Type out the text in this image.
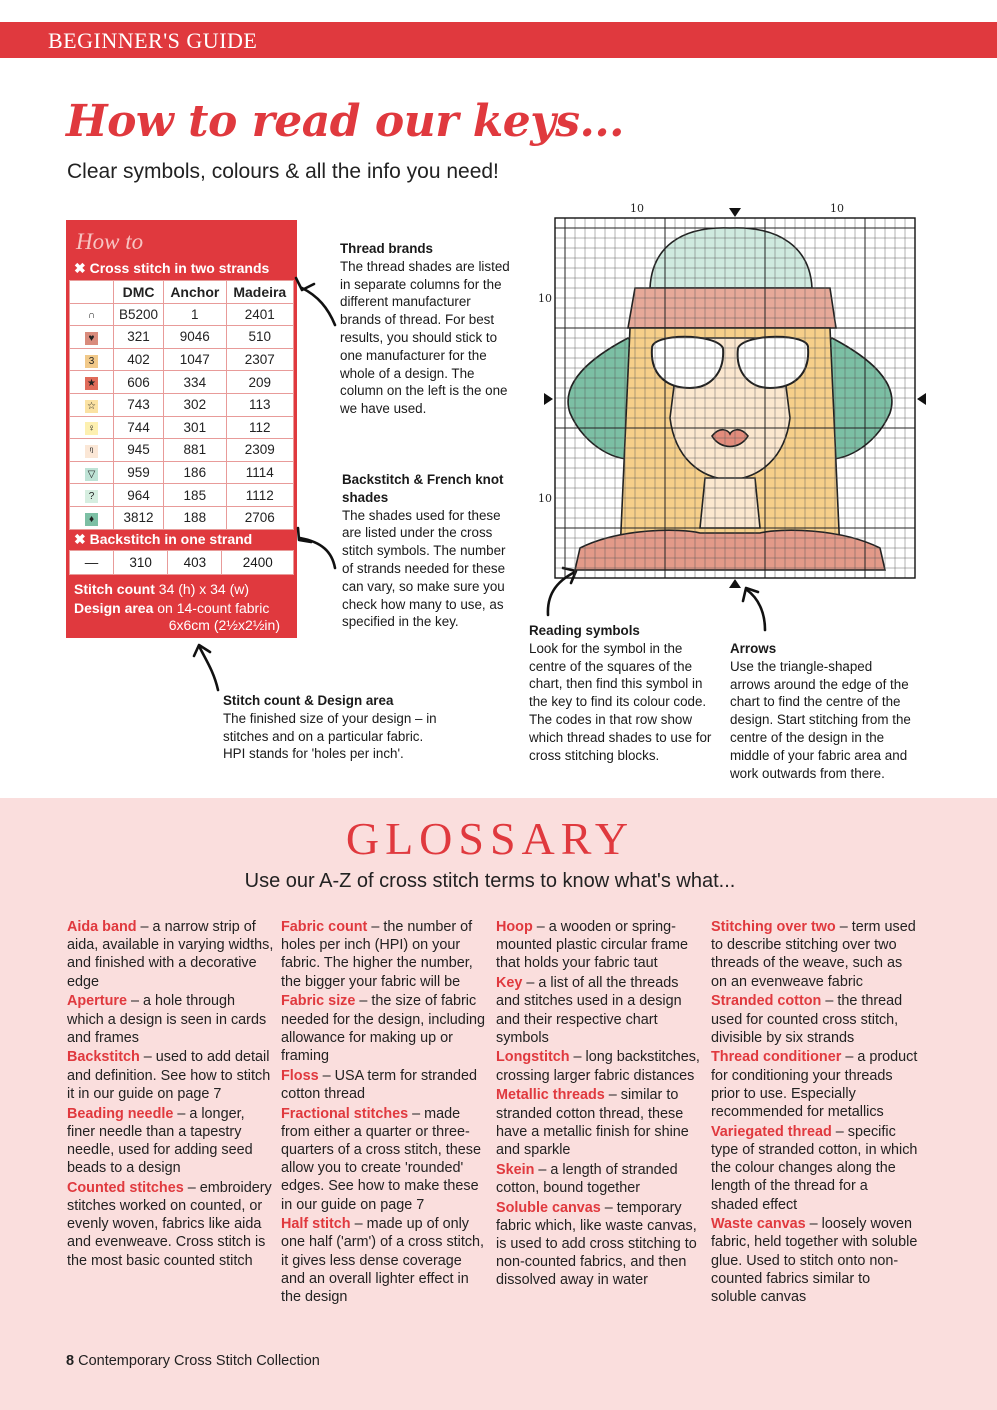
BEGINNER'S GUIDE
How to read our keys...
Clear symbols, colours & all the info you need!
How to
✖ Cross stitch in two strands
	DMC	Anchor	Madeira
∩	B5200	1	2401
♥	321	9046	510
3	402	1047	2307
★	606	334	209
☆	743	302	113
♀	744	301	112
ᵑ	945	881	2309
▽	959	186	1114
?	964	185	1112
♦	3812	188	2706
✖ Backstitch in one strand
—	310	403	2400
Stitch count 34 (h) x 34 (w)
Design area on 14-count fabric
6x6cm (2½x2½in)
Thread brands
The thread shades are listed in separate columns for the different manufacturer brands of thread. For best results, you should stick to one manufacturer for the whole of a design. The column on the left is the one we have used.
Backstitch & French knot shades
The shades used for these are listed under the cross stitch symbols. The number of strands needed for these can vary, so make sure you check how many to use, as specified in the key.
Stitch count & Design area
The finished size of your design – in stitches and on a particular fabric. HPI stands for 'holes per inch'.
Reading symbols
Look for the symbol in the centre of the squares of the chart, then find this symbol in the key to find its colour code. The codes in that row show which thread shades to use for cross stitching blocks.
Arrows
Use the triangle-shaped arrows around the edge of the chart to find the centre of the design. Start stitching from the centre of the design in the middle of your fabric area and work outwards from there.
10	10
10
10
GLOSSARY
Use our A-Z of cross stitch terms to know what's what...

Aida band – a narrow strip of aida, available in varying widths, and finished with a decorative edge

Aperture – a hole through which a design is seen in cards and frames

Backstitch – used to add detail and definition. See how to stitch it in our guide on page 7

Beading needle – a longer, finer needle than a tapestry needle, used for adding seed beads to a design

Counted stitches – embroidery stitches worked on counted, or evenly woven, fabrics like aida and evenweave. Cross stitch is the most basic counted stitch

Fabric count – the number of holes per inch (HPI) on your fabric. The higher the number, the bigger your fabric will be

Fabric size – the size of fabric needed for the design, including allowance for making up or framing

Floss – USA term for stranded cotton thread

Fractional stitches – made from either a quarter or three-quarters of a cross stitch, these allow you to create 'rounded' edges. See how to make these in our guide on page 7

Half stitch – made up of only one half ('arm') of a cross stitch, it gives less dense coverage and an overall lighter effect in the design

Hoop – a wooden or spring-mounted plastic circular frame that holds your fabric taut

Key – a list of all the threads and stitches used in a design and their respective chart symbols

Longstitch – long backstitches, crossing larger fabric distances

Metallic threads – similar to stranded cotton thread, these have a metallic finish for shine and sparkle

Skein – a length of stranded cotton, bound together

Soluble canvas – temporary fabric which, like waste canvas, is used to add cross stitching to non-counted fabrics, and then dissolved away in water

Stitching over two – term used to describe stitching over two threads of the weave, such as on an evenweave fabric

Stranded cotton – the thread used for counted cross stitch, divisible by six strands

Thread conditioner – a product for conditioning your threads prior to use. Especially recommended for metallics

Variegated thread – specific type of stranded cotton, in which the colour changes along the length of the thread for a shaded effect

Waste canvas – loosely woven fabric, held together with soluble glue. Used to stitch onto non-counted fabrics similar to soluble canvas

8 Contemporary Cross Stitch Collection
